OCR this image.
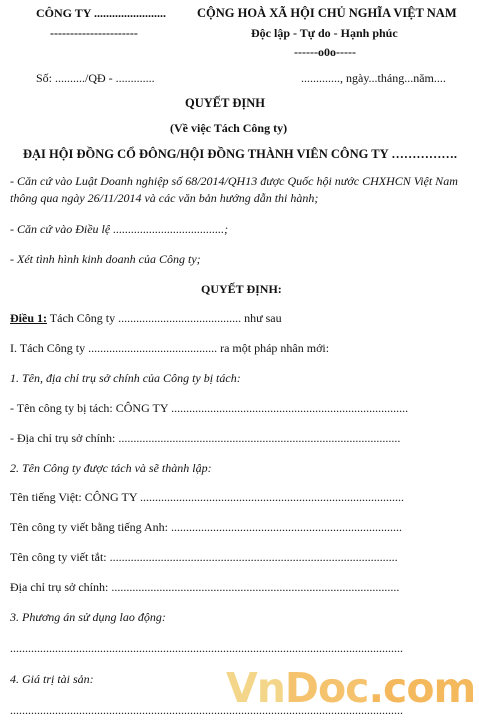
CÔNG TY ........................
----------------------
CỘNG HOÀ XÃ HỘI CHỦ NGHĨA VIỆT NAM
Độc lập - Tự do - Hạnh phúc
------o0o-----
Số: ........../QĐ - .............	............., ngày...tháng...năm....
QUYẾT ĐỊNH
(Về việc Tách Công ty)
ĐẠI HỘI ĐỒNG CỔ ĐÔNG/HỘI ĐỒNG THÀNH VIÊN CÔNG TY …………….
- Căn cứ vào Luật Doanh nghiệp số 68/2014/QH13 được Quốc hội nước CHXHCN Việt Nam
thông qua ngày 26/11/2014 và các văn bản hướng dẫn thi hành;
- Căn cứ vào Điều lệ .....................................;
- Xét tình hình kinh doanh của Công ty;
QUYẾT ĐỊNH:
Điều 1: Tách Công ty ......................................... như sau
I. Tách Công ty ........................................... ra một pháp nhân mới:
1. Tên, địa chỉ trụ sở chính của Công ty bị tách:
- Tên công ty bị tách: CÔNG TY ...............................................................................
- Địa chỉ trụ sở chính: ..............................................................................................
2. Tên Công ty được tách và sẽ thành lập:
Tên tiếng Việt: CÔNG TY ........................................................................................
Tên công ty viết bằng tiếng Anh: .............................................................................
Tên công ty viết tắt: ................................................................................................
Địa chỉ trụ sở chính: ................................................................................................
3. Phương án sử dụng lao động:
...................................................................................................................................
4. Giá trị tài sản:
...................................................................................................................................
VnDoc.com
